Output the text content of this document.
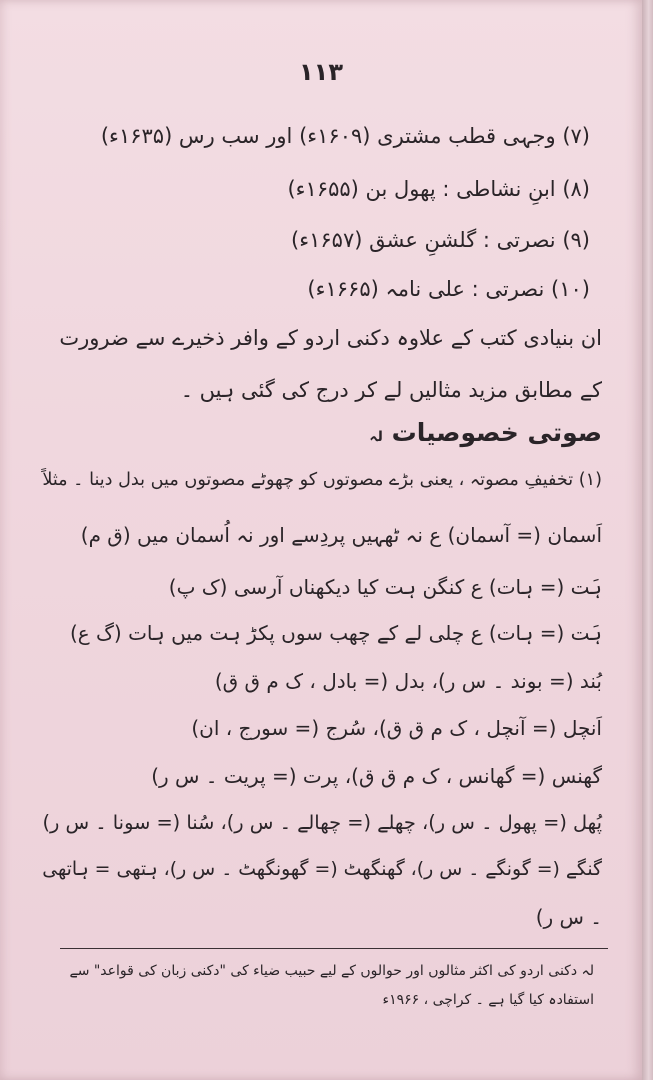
۱۱۳
(۷) وجہی قطب مشتری (۱۶۰۹ء) اور سب رس (۱۶۳۵ء)
(۸) ابنِ نشاطی : پھول بن (۱۶۵۵ء)
(۹) نصرتی : گلشنِ عشق (۱۶۵۷ء)
(۱۰) نصرتی : علی نامہ (۱۶۶۵ء)
ان بنیادی کتب کے علاوہ دکنی اردو کے وافر ذخیرے سے ضرورت
کے مطابق مزید مثالیں لے کر درج کی گئی ہیں ۔
صوتی خصوصیات لہ
(۱) تخفیفِ مصوتہ ، یعنی بڑے مصوتوں کو چھوٹے مصوتوں میں بدل دینا ۔ مثلاً
اَسمان (= آسمان) ع نہ ٹھہیں پردِسے اور نہ اُسمان میں (ق م)
ہَت (= ہات) ع کنگن ہت کیا دیکھناں آرسی (ک پ)
ہَت (= ہات) ع چلی لے کے چھب سوں پکڑ ہت میں ہات (گ ع)
بُند (= بوند ۔ س ر)، بدل (= بادل ، ک م ق ق)
اَنچل (= آنچل ، ک م ق ق)، سُرج (= سورج ، ان)
گھنس (= گھانس ، ک م ق ق)، پرت (= پریت ۔ س ر)
پُھل (= پھول ۔ س ر)، چھلے (= چھالے ۔ س ر)، سُنا (= سونا ۔ س ر)
گنگے (= گونگے ۔ س ر)، گھنگھٹ (= گھونگھٹ ۔ س ر)، ہتھی = ہاتھی
۔ س ر)
لہ دکنی اردو کی اکثر مثالوں اور حوالوں کے لیے حبیب ضیاء کی "دکنی زبان کی قواعد" سے
استفادہ کیا گیا ہے ۔ کراچی ، ۱۹۶۶ء
